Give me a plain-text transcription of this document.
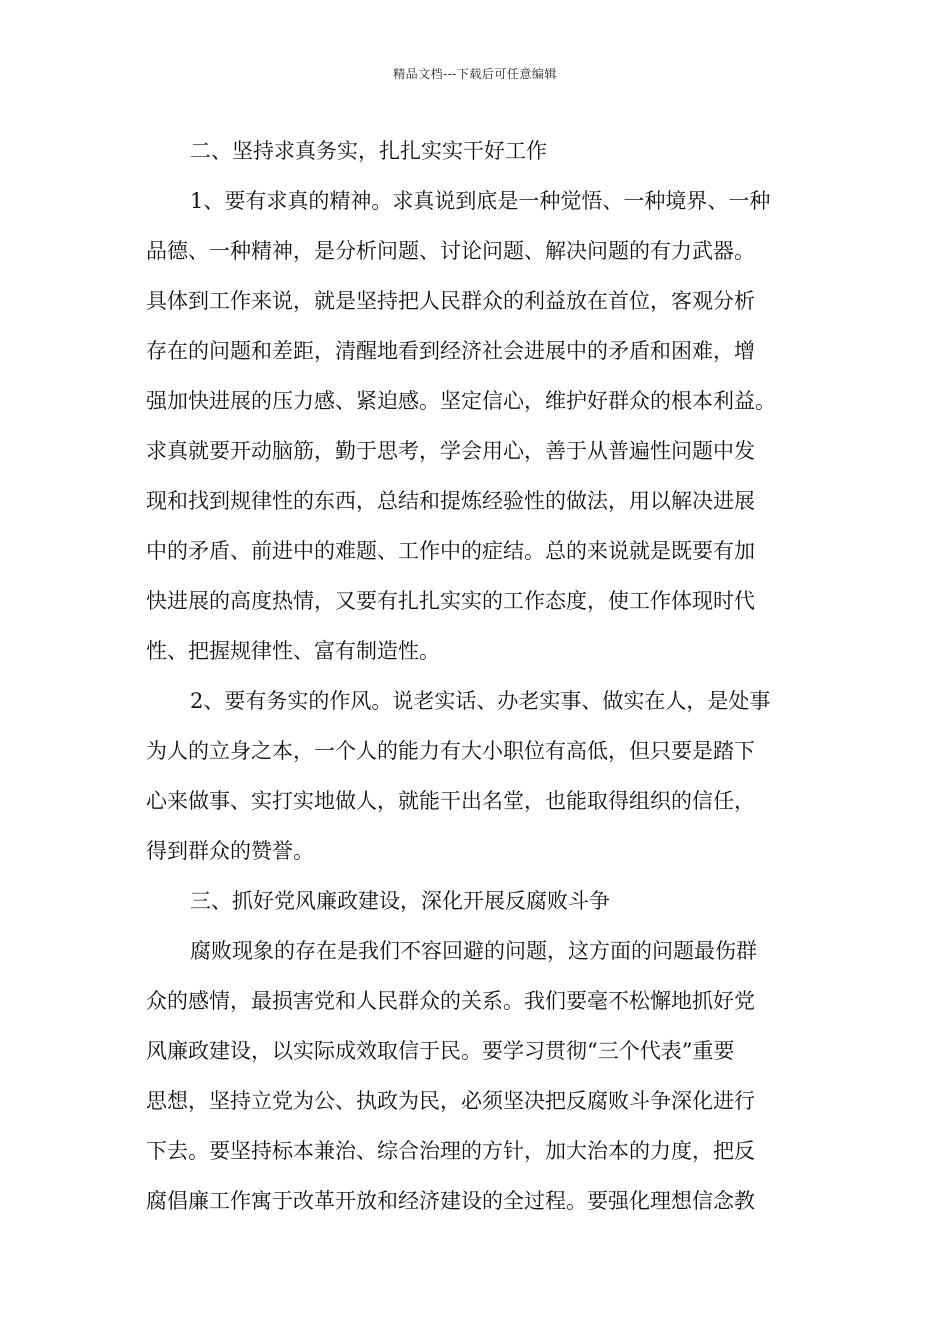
精品文档---下载后可任意编辑
二、坚持求真务实，扎扎实实干好工作
1、要有求真的精神。求真说到底是一种觉悟、一种境界、一种
品德、一种精神，是分析问题、讨论问题、解决问题的有力武器。
具体到工作来说，就是坚持把人民群众的利益放在首位，客观分析
存在的问题和差距，清醒地看到经济社会进展中的矛盾和困难，增
强加快进展的压力感、紧迫感。坚定信心，维护好群众的根本利益。
求真就要开动脑筋，勤于思考，学会用心，善于从普遍性问题中发
现和找到规律性的东西，总结和提炼经验性的做法，用以解决进展
中的矛盾、前进中的难题、工作中的症结。总的来说就是既要有加
快进展的高度热情，又要有扎扎实实的工作态度，使工作体现时代
性、把握规律性、富有制造性。
2、要有务实的作风。说老实话、办老实事、做实在人，是处事
为人的立身之本，一个人的能力有大小职位有高低，但只要是踏下
心来做事、实打实地做人，就能干出名堂，也能取得组织的信任，
得到群众的赞誉。
三、抓好党风廉政建设，深化开展反腐败斗争
腐败现象的存在是我们不容回避的问题，这方面的问题最伤群
众的感情，最损害党和人民群众的关系。我们要毫不松懈地抓好党
风廉政建设，以实际成效取信于民。要学习贯彻“三个代表”重要
思想，坚持立党为公、执政为民，必须坚决把反腐败斗争深化进行
下去。要坚持标本兼治、综合治理的方针，加大治本的力度，把反
腐倡廉工作寓于改革开放和经济建设的全过程。要强化理想信念教
